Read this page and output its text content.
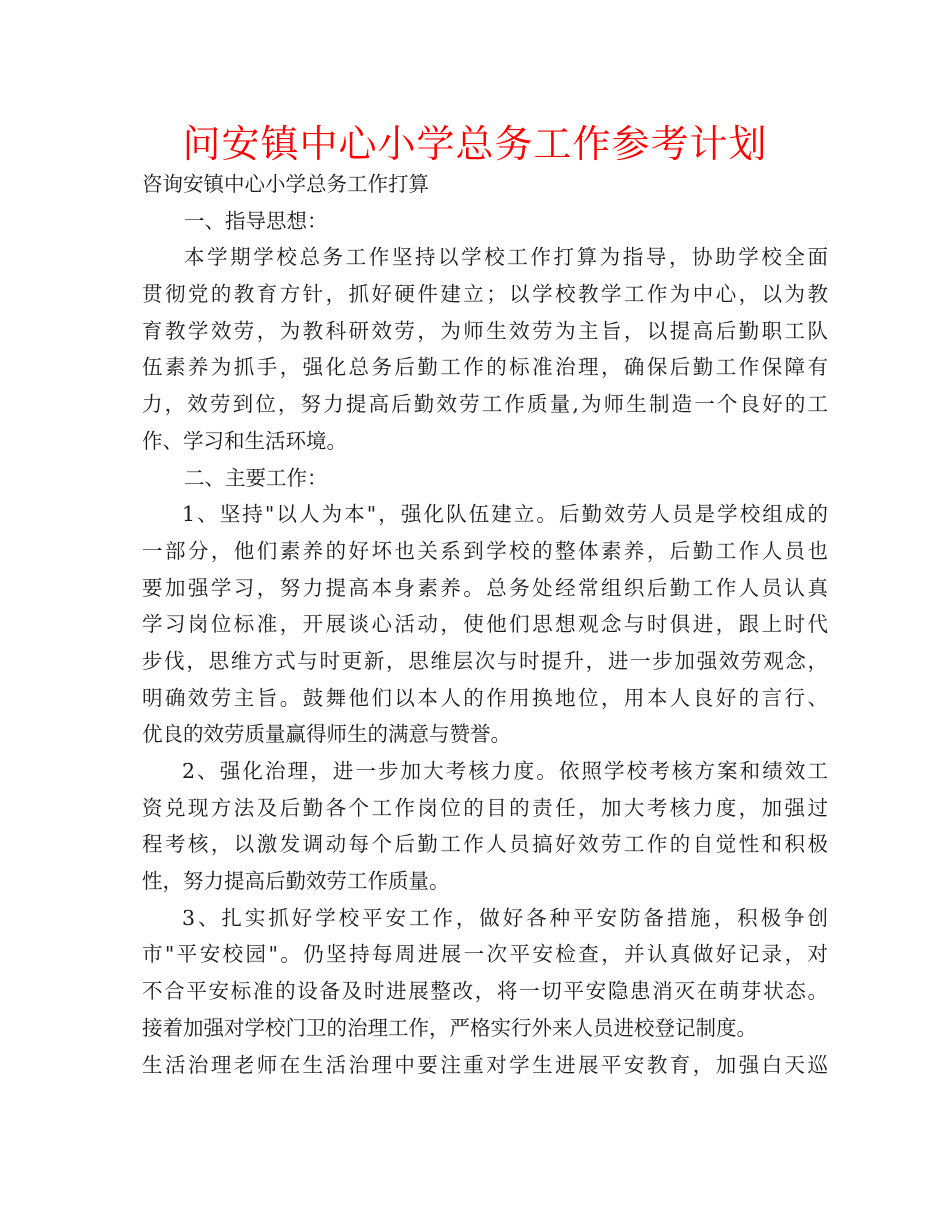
问安镇中心小学总务工作参考计划
咨询安镇中心小学总务工作打算
一、指导思想：
本学期学校总务工作坚持以学校工作打算为指导，协助学校全面
贯彻党的教育方针，抓好硬件建立；以学校教学工作为中心，以为教
育教学效劳，为教科研效劳，为师生效劳为主旨，以提高后勤职工队
伍素养为抓手，强化总务后勤工作的标准治理，确保后勤工作保障有
力，效劳到位，努力提高后勤效劳工作质量,为师生制造一个良好的工
作、学习和生活环境。
二、主要工作：
1、坚持"以人为本"，强化队伍建立。后勤效劳人员是学校组成的
一部分，他们素养的好坏也关系到学校的整体素养，后勤工作人员也
要加强学习，努力提高本身素养。总务处经常组织后勤工作人员认真
学习岗位标准，开展谈心活动，使他们思想观念与时俱进，跟上时代
步伐，思维方式与时更新，思维层次与时提升，进一步加强效劳观念，
明确效劳主旨。鼓舞他们以本人的作用换地位，用本人良好的言行、
优良的效劳质量赢得师生的满意与赞誉。
2、强化治理，进一步加大考核力度。依照学校考核方案和绩效工
资兑现方法及后勤各个工作岗位的目的责任，加大考核力度，加强过
程考核，以激发调动每个后勤工作人员搞好效劳工作的自觉性和积极
性，努力提高后勤效劳工作质量。
3、扎实抓好学校平安工作，做好各种平安防备措施，积极争创
市"平安校园"。仍坚持每周进展一次平安检查，并认真做好记录，对
不合平安标准的设备及时进展整改，将一切平安隐患消灭在萌芽状态。
接着加强对学校门卫的治理工作，严格实行外来人员进校登记制度。
生活治理老师在生活治理中要注重对学生进展平安教育，加强白天巡
